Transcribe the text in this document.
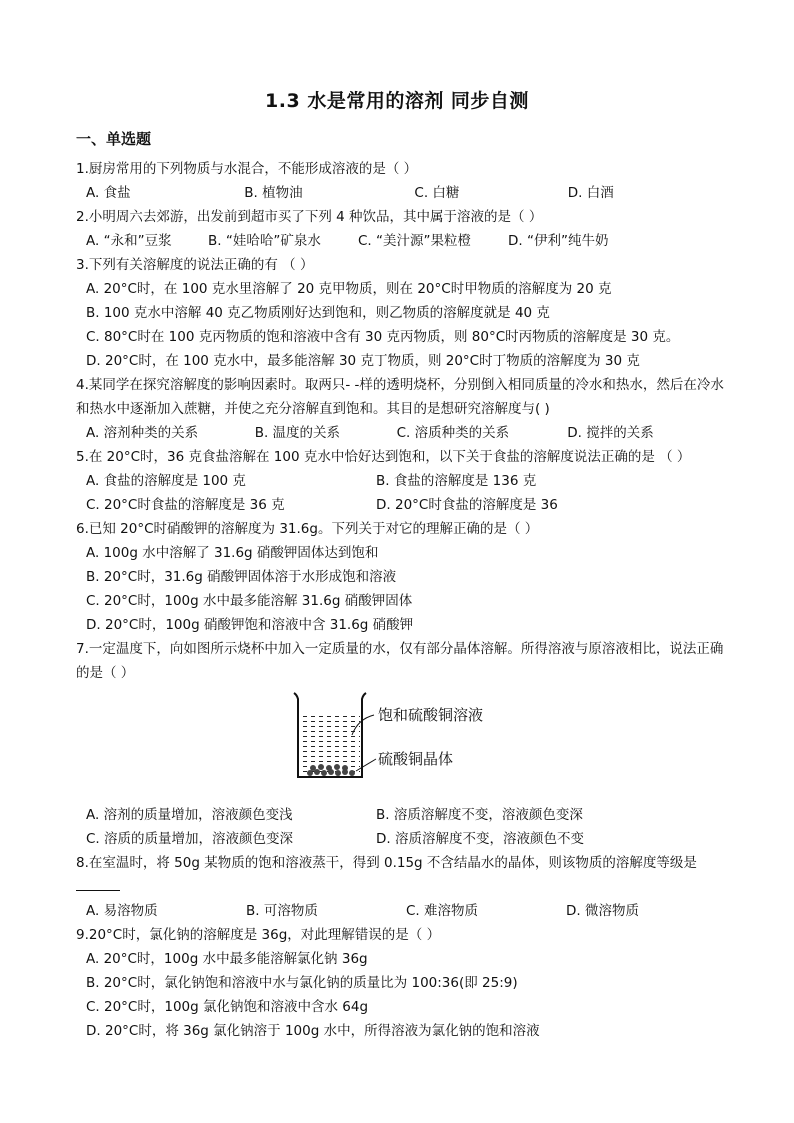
1.3 水是常用的溶剂 同步自测
一、单选题
1.厨房常用的下列物质与水混合，不能形成溶液的是（ ）
A. 食盐	B. 植物油	C. 白糖	D. 白酒
2.小明周六去郊游，出发前到超市买了下列 4 种饮品，其中属于溶液的是（ ）
A. “永和”豆浆	B. “娃哈哈”矿泉水	C. “美汁源”果粒橙	D. “伊利”纯牛奶
3.下列有关溶解度的说法正确的有 （ ）
A. 20°C时，在 100 克水里溶解了 20 克甲物质，则在 20°C时甲物质的溶解度为 20 克
B. 100 克水中溶解 40 克乙物质刚好达到饱和，则乙物质的溶解度就是 40 克
C. 80°C时在 100 克丙物质的饱和溶液中含有 30 克丙物质，则 80°C时丙物质的溶解度是 30 克。
D. 20°C时，在 100 克水中，最多能溶解 30 克丁物质，则 20°C时丁物质的溶解度为 30 克
4.某同学在探究溶解度的影响因素时。取两只- -样的透明烧杯，分别倒入相同质量的冷水和热水，然后在冷水和热水中逐渐加入蔗糖，并使之充分溶解直到饱和。其目的是想研究溶解度与( )
A. 溶剂种类的关系	B. 温度的关系	C. 溶质种类的关系	D. 搅拌的关系
5.在 20°C时，36 克食盐溶解在 100 克水中恰好达到饱和，以下关于食盐的溶解度说法正确的是 （ ）
A. 食盐的溶解度是 100 克	B. 食盐的溶解度是 136 克
C. 20°C时食盐的溶解度是 36 克	D. 20°C时食盐的溶解度是 36
6.已知 20°C时硝酸钾的溶解度为 31.6g。下列关于对它的理解正确的是（ ）
A. 100g 水中溶解了 31.6g 硝酸钾固体达到饱和
B. 20°C时，31.6g 硝酸钾固体溶于水形成饱和溶液
C. 20°C时，100g 水中最多能溶解 31.6g 硝酸钾固体
D. 20°C时，100g 硝酸钾饱和溶液中含 31.6g 硝酸钾
7.一定温度下，向如图所示烧杯中加入一定质量的水，仅有部分晶体溶解。所得溶液与原溶液相比，说法正确的是（ ）
饱和硫酸铜溶液
硫酸铜晶体
A. 溶剂的质量增加，溶液颜色变浅	B. 溶质溶解度不变，溶液颜色变深
C. 溶质的质量增加，溶液颜色变深	D. 溶质溶解度不变，溶液颜色不变
8.在室温时，将 50g 某物质的饱和溶液蒸干，得到 0.15g 不含结晶水的晶体，则该物质的溶解度等级是
A. 易溶物质	B. 可溶物质	C. 难溶物质	D. 微溶物质
9.20°C时，氯化钠的溶解度是 36g，对此理解错误的是（ ）
A. 20°C时，100g 水中最多能溶解氯化钠 36g
B. 20°C时，氯化钠饱和溶液中水与氯化钠的质量比为 100:36(即 25:9)
C. 20°C时，100g 氯化钠饱和溶液中含水 64g
D. 20°C时，将 36g 氯化钠溶于 100g 水中，所得溶液为氯化钠的饱和溶液
